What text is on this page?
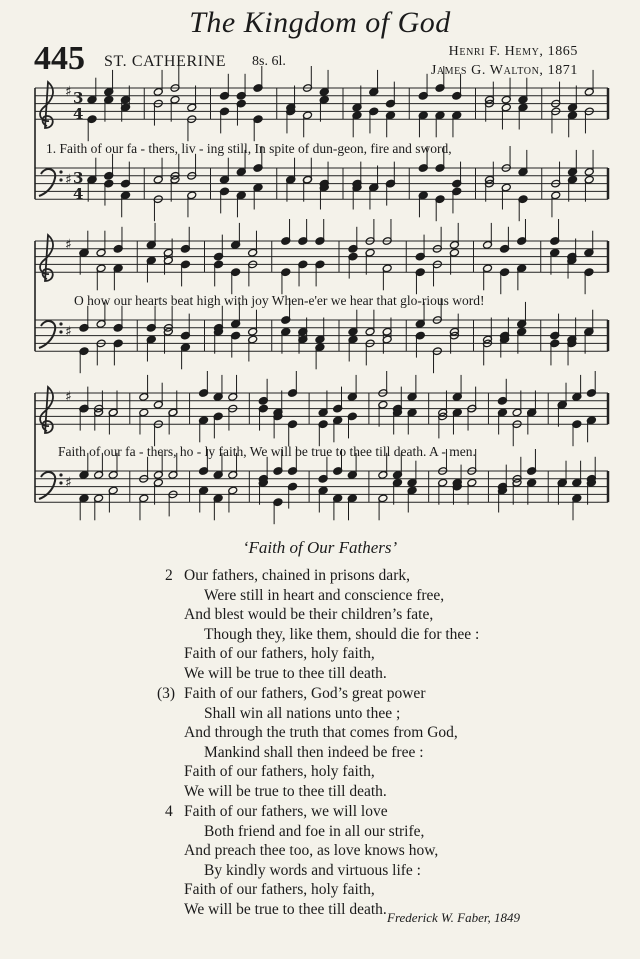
The Kingdom of God
445 ST. CATHERINE 8s. 6l.
Henri F. Hemy, 1865
James G. Walton, 1871
♯
♯
3
4
3
4
♯
♯
♯
♯
1. Faith of our fa - thers, liv - ing still, In spite of dun-geon, fire and sword,
O how our hearts beat high with joy When-e'er we hear that glo-rious word!
Faith of our fa - thers, ho - ly faith, We will be true to thee till death. A - men.
‘Faith of Our Fathers’
2 Our fathers, chained in prisons dark,
Were still in heart and conscience free,
And blest would be their children’s fate,
Though they, like them, should die for thee :
Faith of our fathers, holy faith,
We will be true to thee till death.
(3) Faith of our fathers, God’s great power
Shall win all nations unto thee ;
And through the truth that comes from God,
Mankind shall then indeed be free :
Faith of our fathers, holy faith,
We will be true to thee till death.
4 Faith of our fathers, we will love
Both friend and foe in all our strife,
And preach thee too, as love knows how,
By kindly words and virtuous life :
Faith of our fathers, holy faith,
We will be true to thee till death. Frederick W. Faber, 1849
